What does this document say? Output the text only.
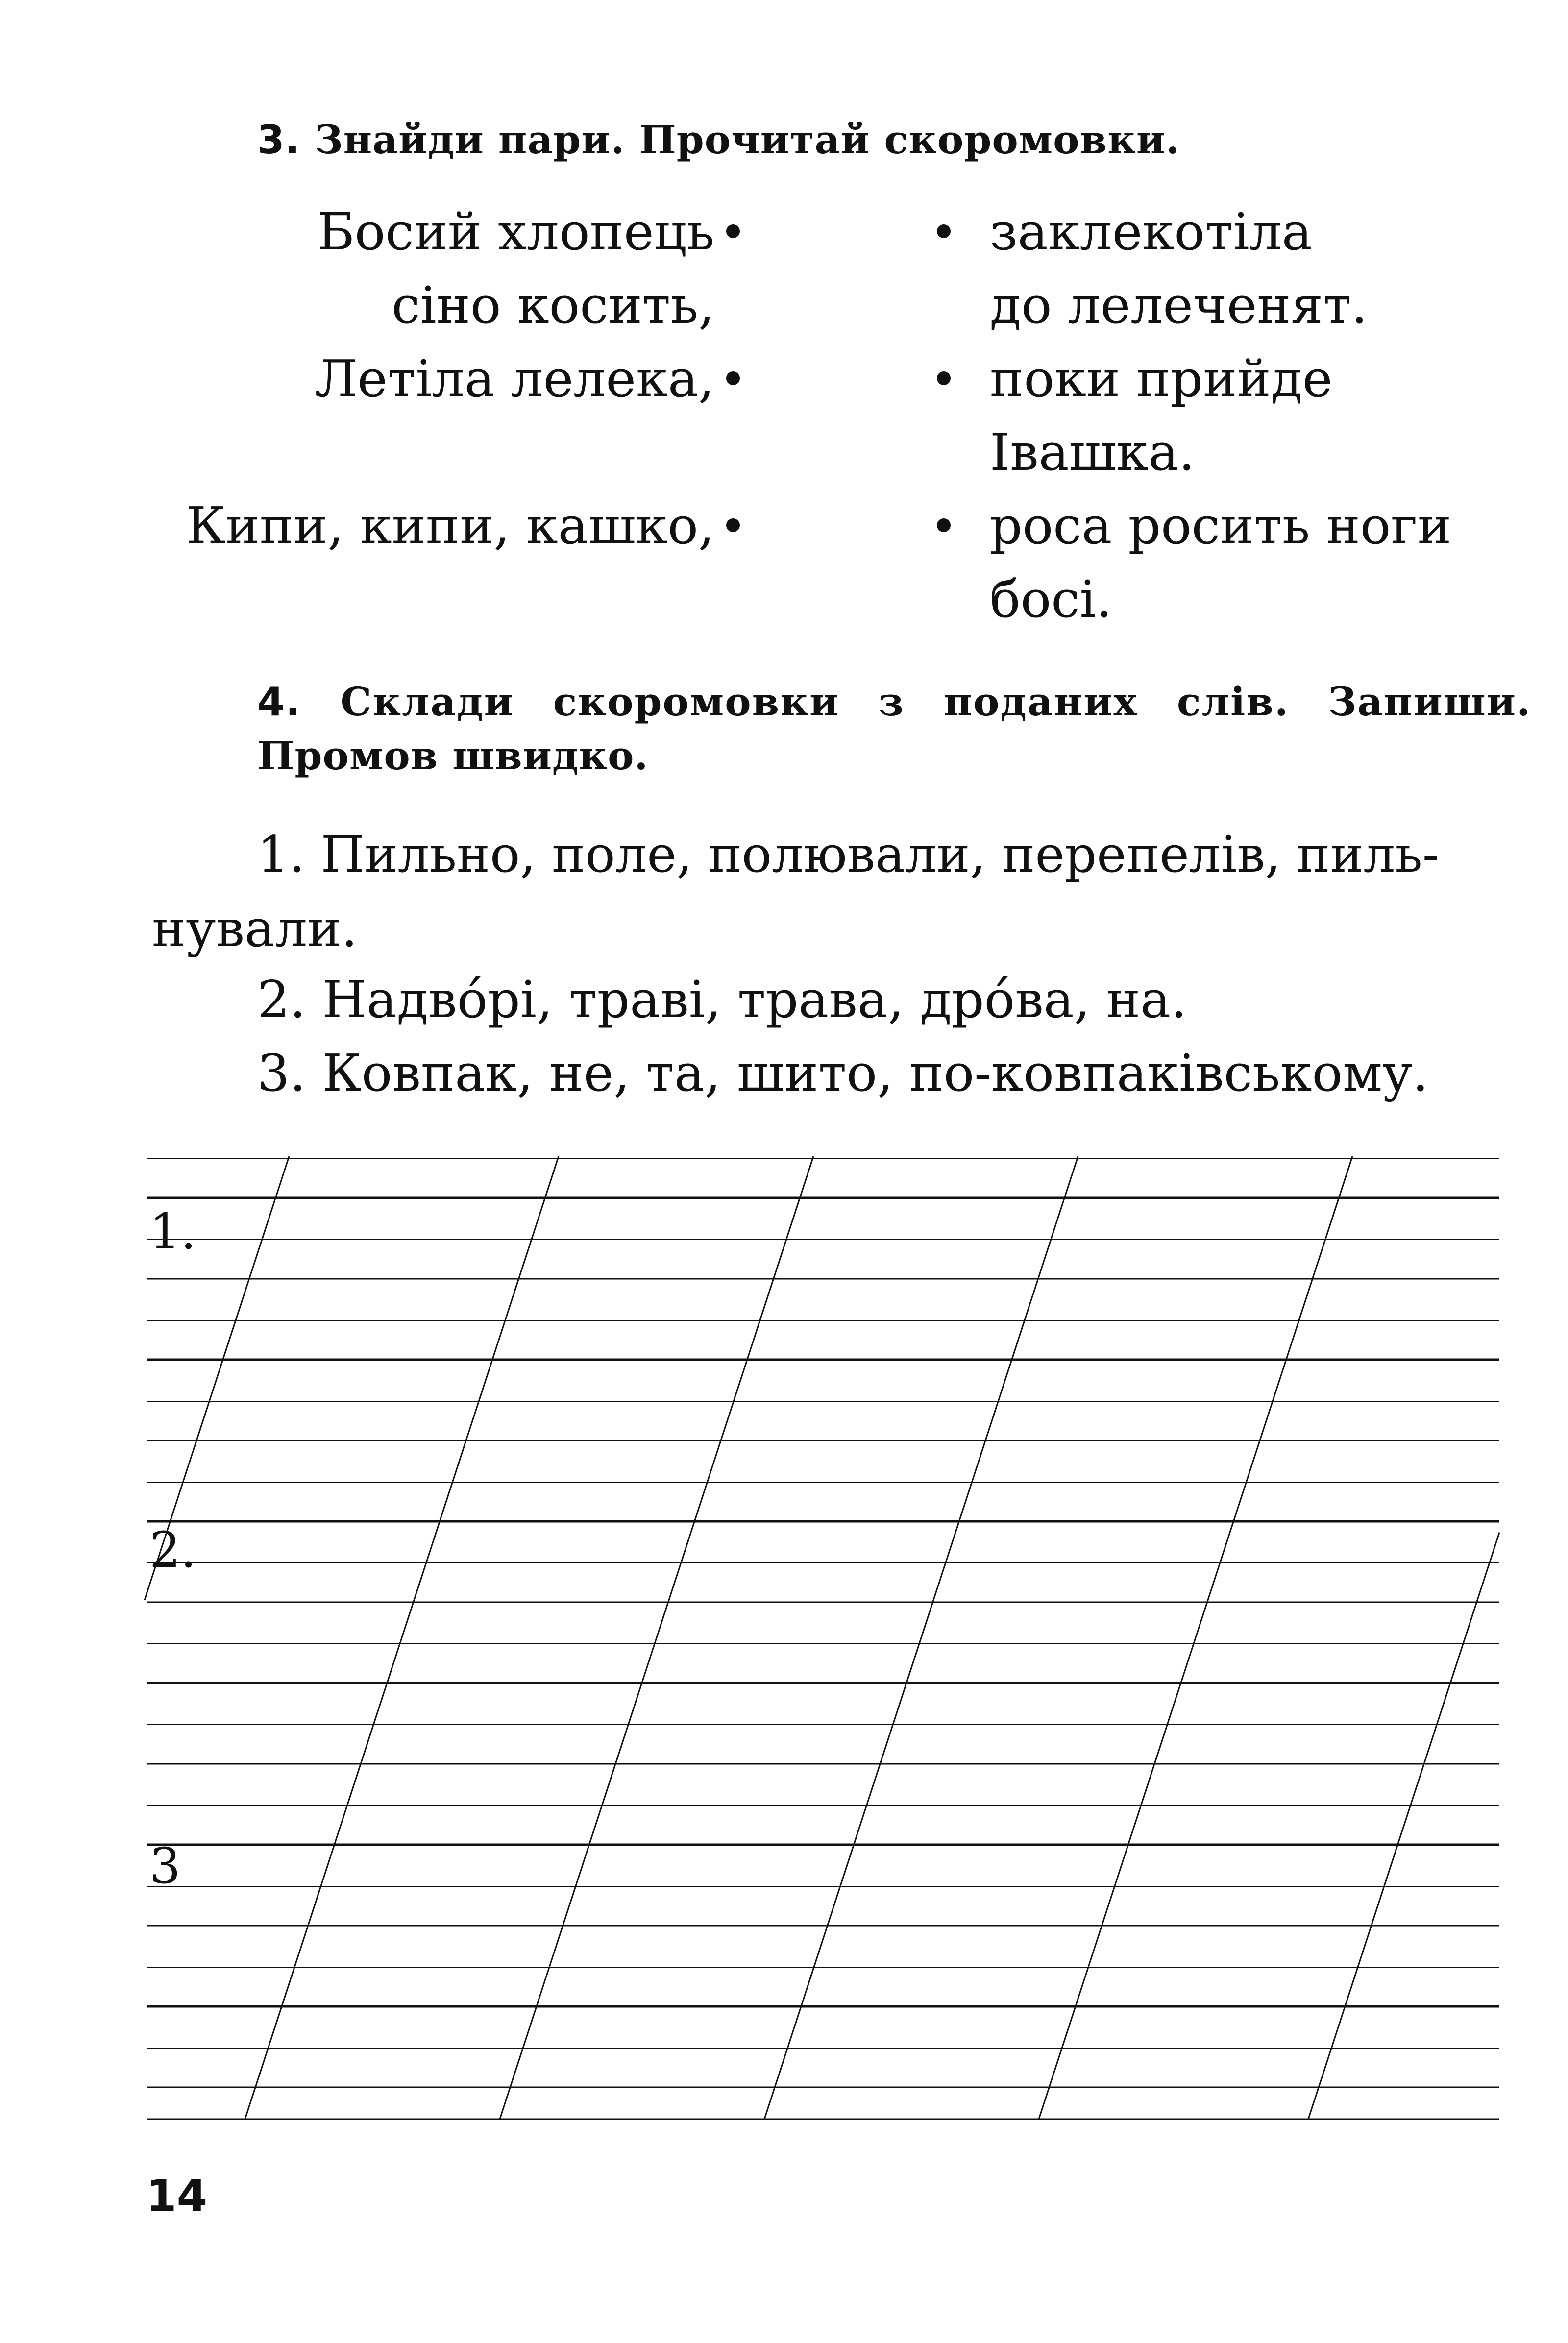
3. Знайди пари. Прочитай скоромовки.
Босий хлопець
сіно косить,
Летіла лелека,
Кипи, кипи, кашко,
заклекотіла
до лелеченят.
поки прийде
Івашка.
роса росить ноги
босі.
4. Склади скоромовки з поданих слів. Запиши.
Промов швидко.
1. Пильно, поле, полювали, перепелів, пиль-
нували.
2. Надвóрі, траві, трава, дрóва, на.
3. Ковпак, не, та, шито, по-ковпаківському.
1.
2.
3
14
